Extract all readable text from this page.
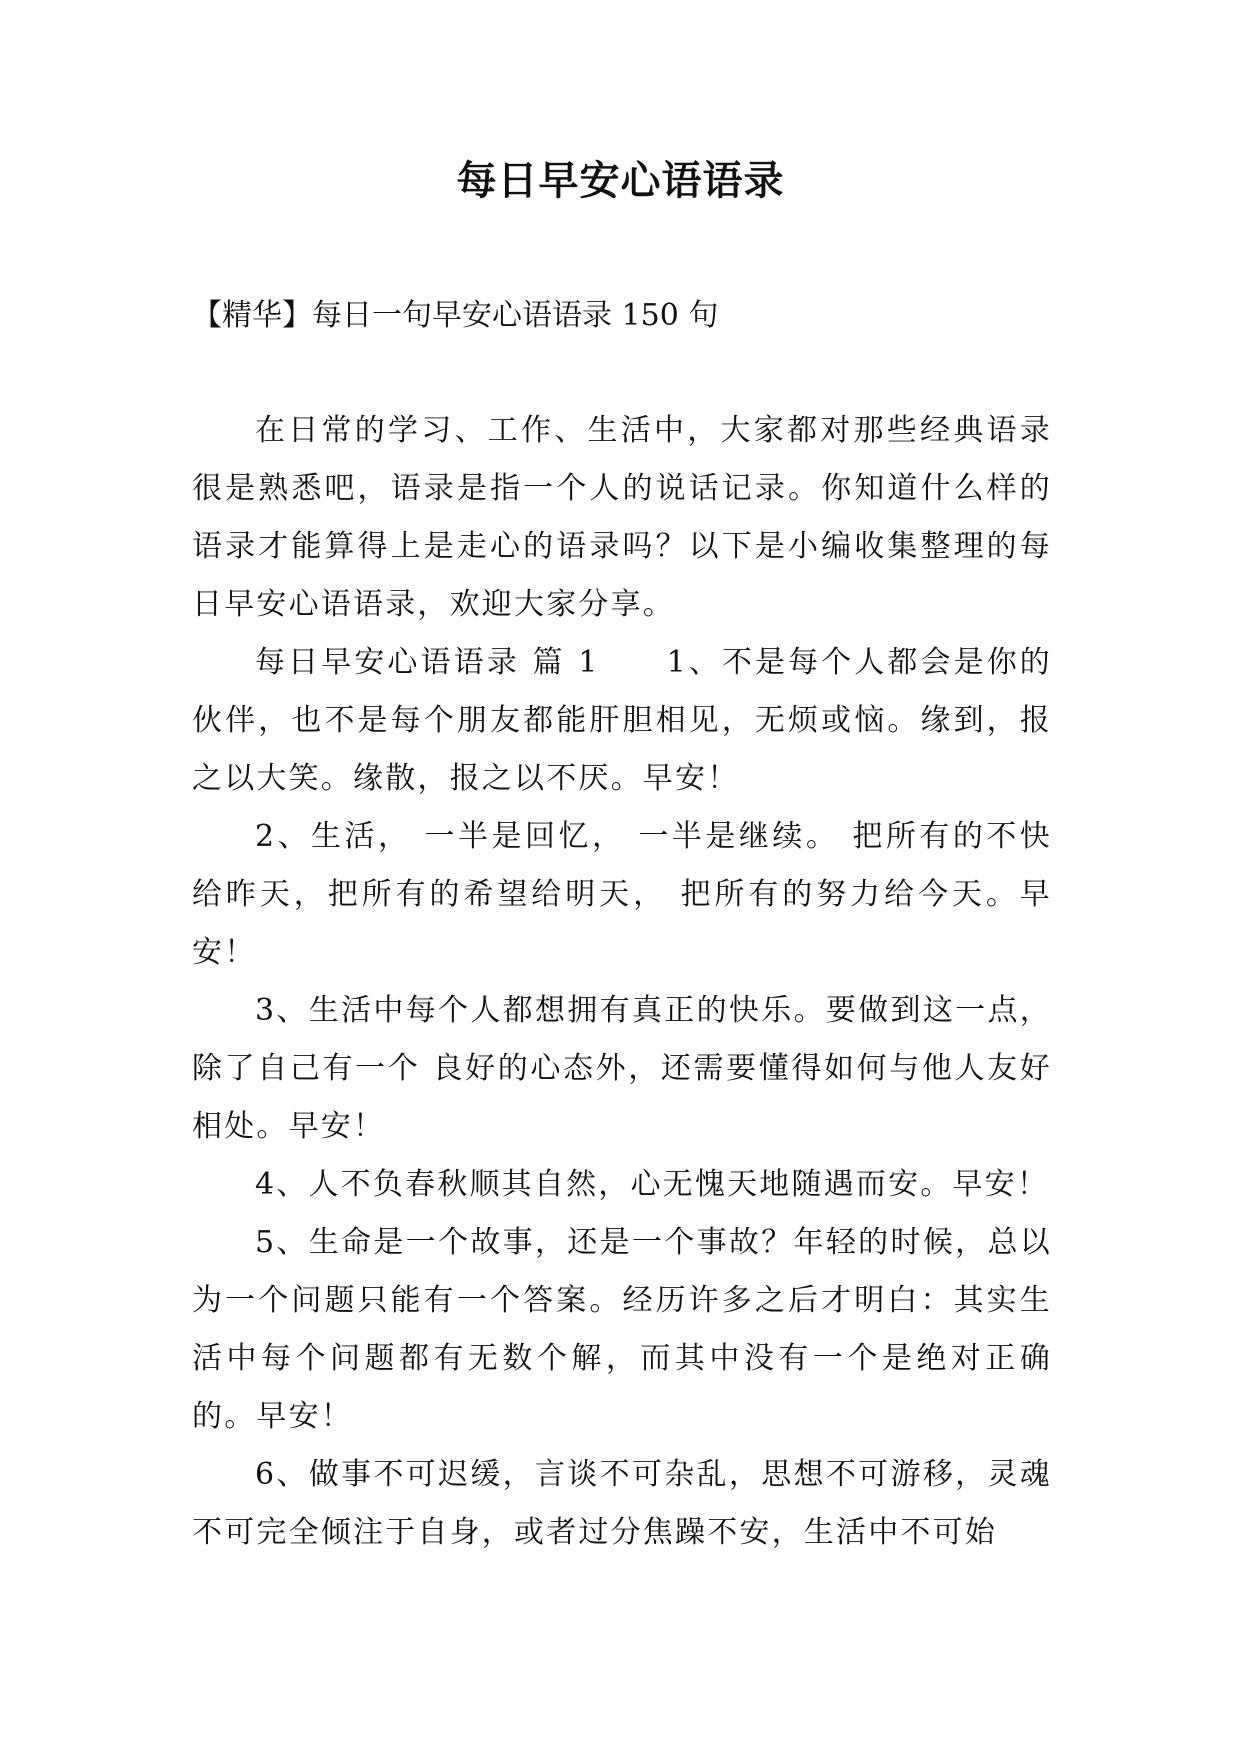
每日早安心语语录
【精华】每日一句早安心语语录 150 句

在日常的学习、工作、生活中，大家都对那些经典语录很是熟悉吧，语录是指一个人的说话记录。你知道什么样的语录才能算得上是走心的语录吗？以下是小编收集整理的每日早安心语语录，欢迎大家分享。

每日早安心语语录 篇 1　　1、不是每个人都会是你的伙伴，也不是每个朋友都能肝胆相见，无烦或恼。缘到，报之以大笑。缘散，报之以不厌。早安！

2、生活， 一半是回忆， 一半是继续。 把所有的不快给昨天，把所有的希望给明天， 把所有的努力给今天。早安！

3、生活中每个人都想拥有真正的快乐。要做到这一点，除了自己有一个 良好的心态外，还需要懂得如何与他人友好相处。早安！

4、人不负春秋顺其自然，心无愧天地随遇而安。早安！

5、生命是一个故事，还是一个事故？年轻的时候，总以为一个问题只能有一个答案。经历许多之后才明白：其实生活中每个问题都有无数个解，而其中没有一个是绝对正确的。早安！

6、做事不可迟缓，言谈不可杂乱，思想不可游移，灵魂不可完全倾注于自身，或者过分焦躁不安，生活中不可始
